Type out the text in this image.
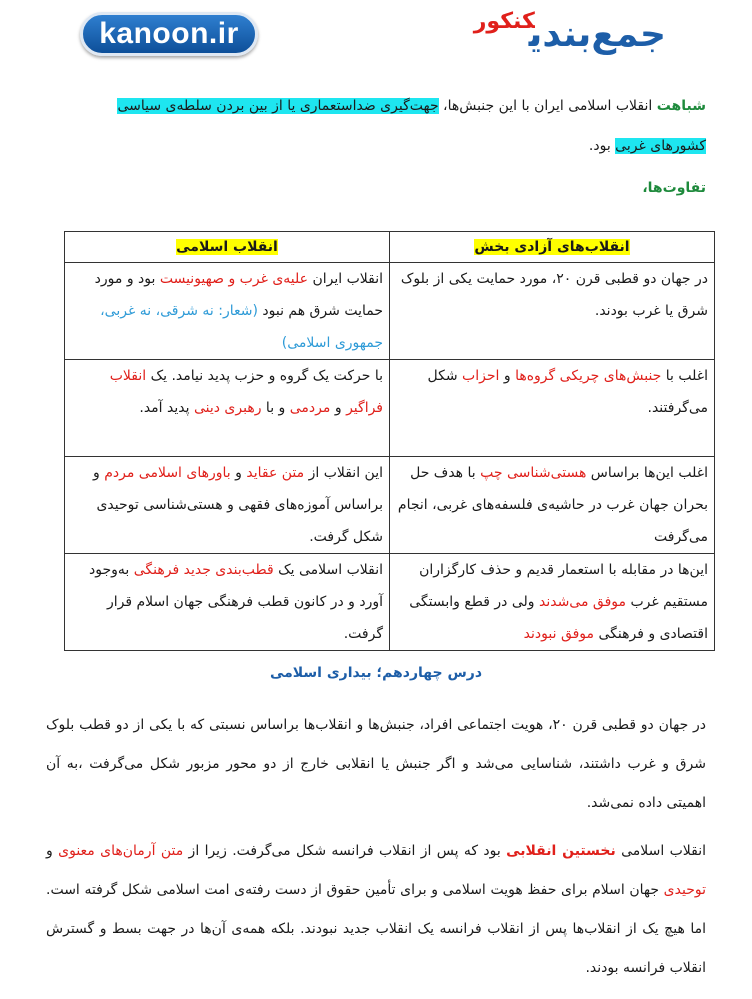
kanoon.ir	جمع‌بندیکنکور
شباهت انقلاب اسلامی ایران با این جنبش‌ها، جهت‌گیری ضداستعماری یا از بین بردن سلطه‌ی سیاسی کشورهای غربی بود.
تفاوت‌ها،
انقلاب‌های آزادی بخش	انقلاب اسلامی
در جهان دو قطبی قرن ۲۰، مورد حمایت یکی از بلوک شرق یا غرب بودند.	انقلاب ایران علیه‌ی غرب و صهیونیست بود و مورد حمایت شرق هم نبود (شعار: نه شرقی، نه غربی، جمهوری اسلامی)
اغلب با جنبش‌های چریکی گروه‌ها و احزاب شکل می‌گرفتند.	با حرکت یک گروه و حزب پدید نیامد. یک انقلاب فراگیر و مردمی و با رهبری دینی پدید آمد.
اغلب این‌ها براساس هستی‌شناسی چپ با هدف حل بحران جهان غرب در حاشیه‌ی فلسفه‌های غربی، انجام می‌گرفت	این انقلاب از متن عقاید و باورهای اسلامی مردم و براساس آموزه‌های فقهی و هستی‌شناسی توحیدی شکل گرفت.
این‌ها در مقابله با استعمار قدیم و حذف کارگزاران مستقیم غرب موفق می‌شدند ولی در قطع وابستگی اقتصادی و فرهنگی موفق نبودند	انقلاب اسلامی یک قطب‌بندی جدید فرهنگی به‌وجود آورد و در کانون قطب فرهنگی جهان اسلام قرار گرفت.
درس چهاردهم؛ بیداری اسلامی
در جهان دو قطبی قرن ۲۰، هویت اجتماعی افراد، جنبش‌ها و انقلاب‌ها براساس نسبتی که با یکی از دو قطب بلوک شرق و غرب داشتند، شناسایی می‌شد و اگر جنبش یا انقلابی خارج از دو محور مزبور شکل می‌گرفت ،به آن اهمیتی داده نمی‌شد.
انقلاب اسلامی نخستین انقلابی بود که پس از انقلاب فرانسه شکل می‌گرفت. زیرا از متن آرمان‌های معنوی و توحیدی جهان اسلام برای حفظ هویت اسلامی و برای تأمین حقوق از دست رفته‌ی امت اسلامی شکل گرفته است. اما هیچ یک از انقلاب‌ها پس از انقلاب فرانسه یک انقلاب جدید نبودند. بلکه همه‌ی آن‌ها در جهت بسط و گسترش انقلاب فرانسه بودند.
